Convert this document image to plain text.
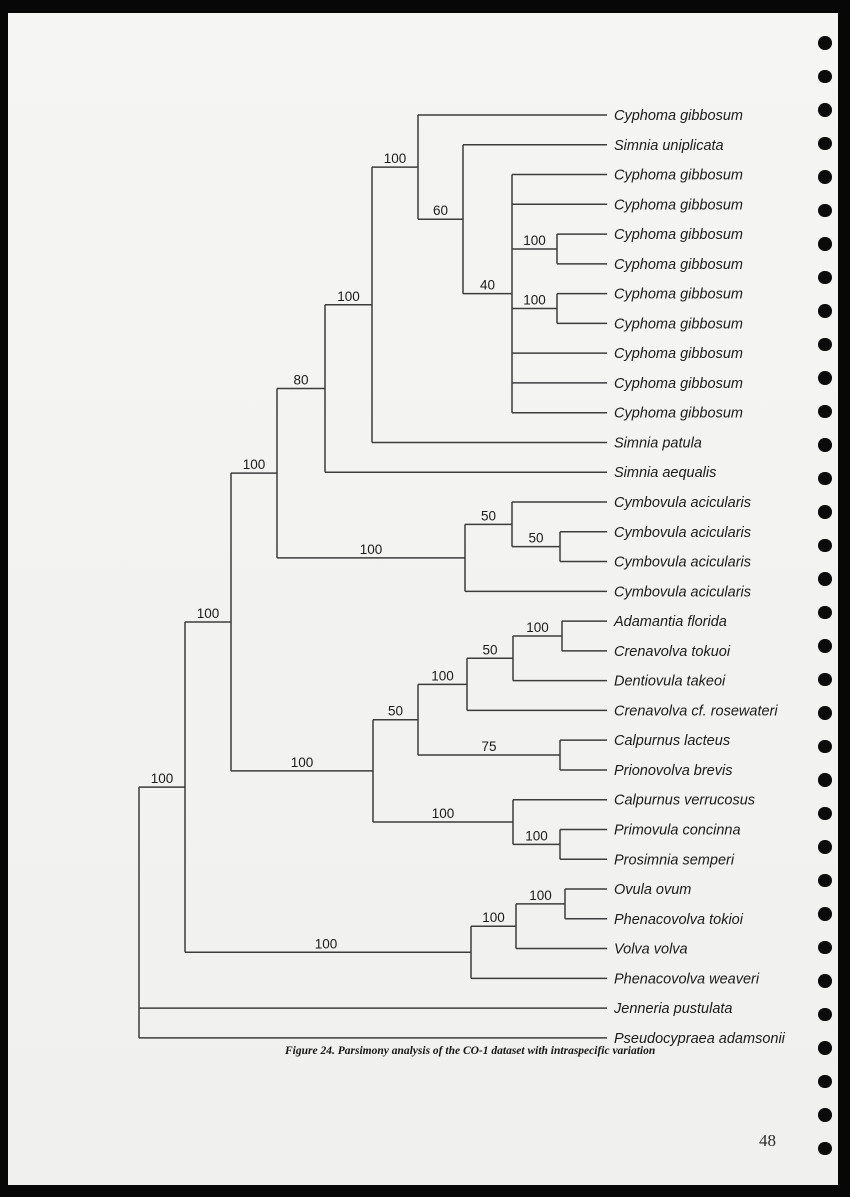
100
100
100
80
100
100
Cyphoma gibbosum
60
Simnia uniplicata
40
Cyphoma gibbosum
Cyphoma gibbosum
100	Cyphoma gibbosum
Cyphoma gibbosum
100	Cyphoma gibbosum
Cyphoma gibbosum
Cyphoma gibbosum
Cyphoma gibbosum
Cyphoma gibbosum
Simnia patula
Simnia aequalis
100
50
Cymbovula acicularis
50	Cymbovula acicularis
Cymbovula acicularis
Cymbovula acicularis
100
50
100
50
100	Adamantia florida
Crenavolva tokuoi
Dentiovula takeoi
Crenavolva cf. rosewateri
75	Calpurnus lacteus
Prionovolva brevis
100
Calpurnus verrucosus
100	Primovula concinna
Prosimnia semperi
100
100
100	Ovula ovum
Phenacovolva tokioi
Volva volva
Phenacovolva weaveri
Jenneria pustulata
Pseudocypraea adamsonii
Figure 24. Parsimony analysis of the CO-1 dataset with intraspecific variation
48
